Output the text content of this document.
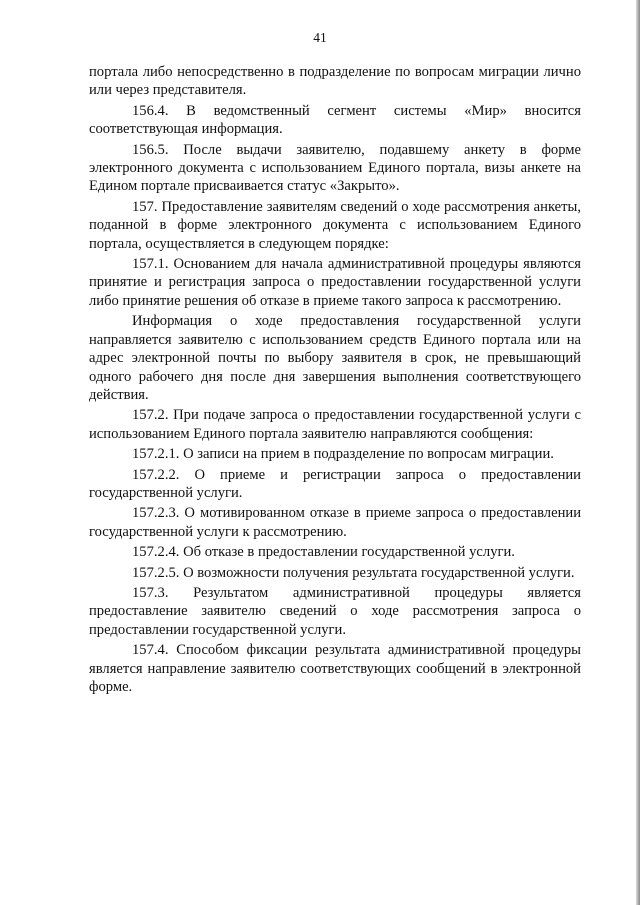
41

портала либо непосредственно в подразделение по вопросам миграции лично или через представителя.

156.4. В ведомственный сегмент системы «Мир» вносится соответствующая информация.

156.5. После выдачи заявителю, подавшему анкету в форме электронного документа с использованием Единого портала, визы анкете на Едином портале присваивается статус «Закрыто».

157. Предоставление заявителям сведений о ходе рассмотрения анкеты, поданной в форме электронного документа с использованием Единого портала, осуществляется в следующем порядке:

157.1. Основанием для начала административной процедуры являются принятие и регистрация запроса о предоставлении государственной услуги либо принятие решения об отказе в приеме такого запроса к рассмотрению.

Информация о ходе предоставления государственной услуги направляется заявителю с использованием средств Единого портала или на адрес электронной почты по выбору заявителя в срок, не превышающий одного рабочего дня после дня завершения выполнения соответствующего действия.

157.2. При подаче запроса о предоставлении государственной услуги с использованием Единого портала заявителю направляются сообщения:

157.2.1. О записи на прием в подразделение по вопросам миграции.

157.2.2. О приеме и регистрации запроса о предоставлении государственной услуги.

157.2.3. О мотивированном отказе в приеме запроса о предоставлении государственной услуги к рассмотрению.

157.2.4. Об отказе в предоставлении государственной услуги.

157.2.5. О возможности получения результата государственной услуги.

157.3. Результатом административной процедуры является предоставление заявителю сведений о ходе рассмотрения запроса о предоставлении государственной услуги.

157.4. Способом фиксации результата административной процедуры является направление заявителю соответствующих сообщений в электронной форме.
